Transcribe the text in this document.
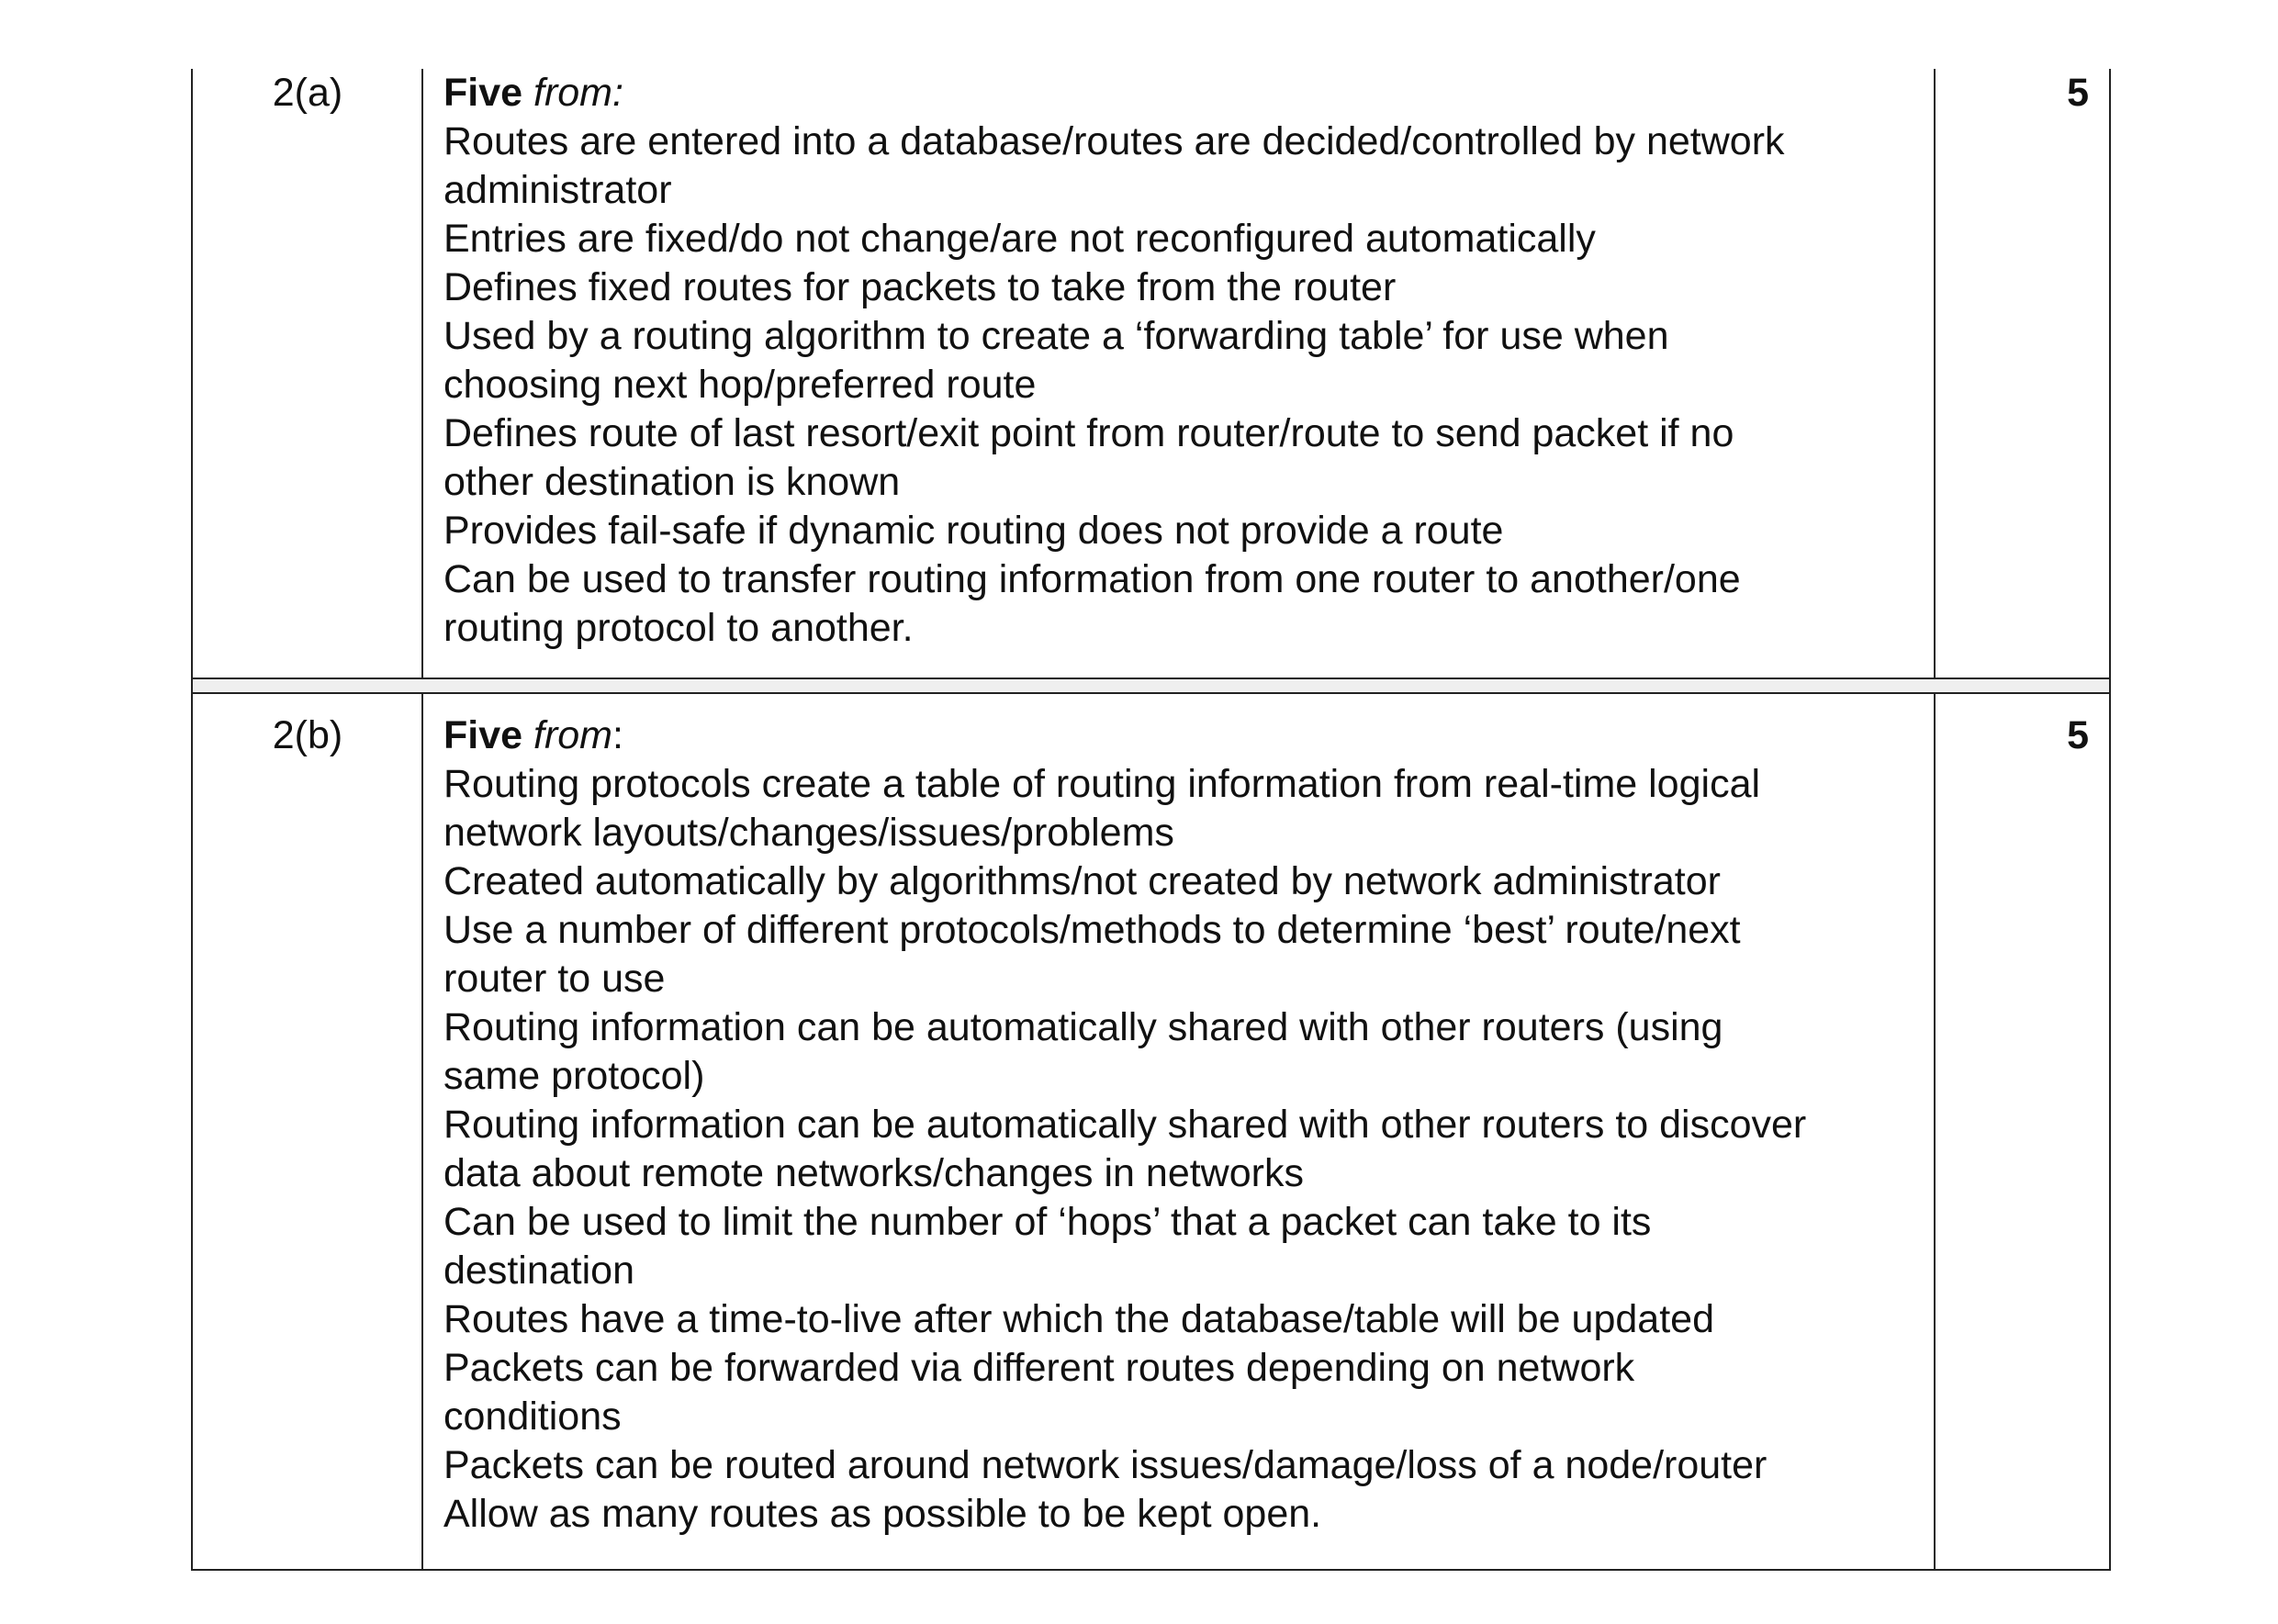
2(a)	Five from:
Routes are entered into a database/routes are decided/controlled by network
administrator
Entries are fixed/do not change/are not reconfigured automatically
Defines fixed routes for packets to take from the router
Used by a routing algorithm to create a ‘forwarding table’ for use when
choosing next hop/preferred route
Defines route of last resort/exit point from router/route to send packet if no
other destination is known
Provides fail-safe if dynamic routing does not provide a route
Can be used to transfer routing information from one router to another/one
routing protocol to another.
5
2(b)	Five from:
Routing protocols create a table of routing information from real-time logical
network layouts/changes/issues/problems
Created automatically by algorithms/not created by network administrator
Use a number of different protocols/methods to determine ‘best’ route/next
router to use
Routing information can be automatically shared with other routers (using
same protocol)
Routing information can be automatically shared with other routers to discover
data about remote networks/changes in networks
Can be used to limit the number of ‘hops’ that a packet can take to its
destination
Routes have a time-to-live after which the database/table will be updated
Packets can be forwarded via different routes depending on network
conditions
Packets can be routed around network issues/damage/loss of a node/router
Allow as many routes as possible to be kept open.
5
